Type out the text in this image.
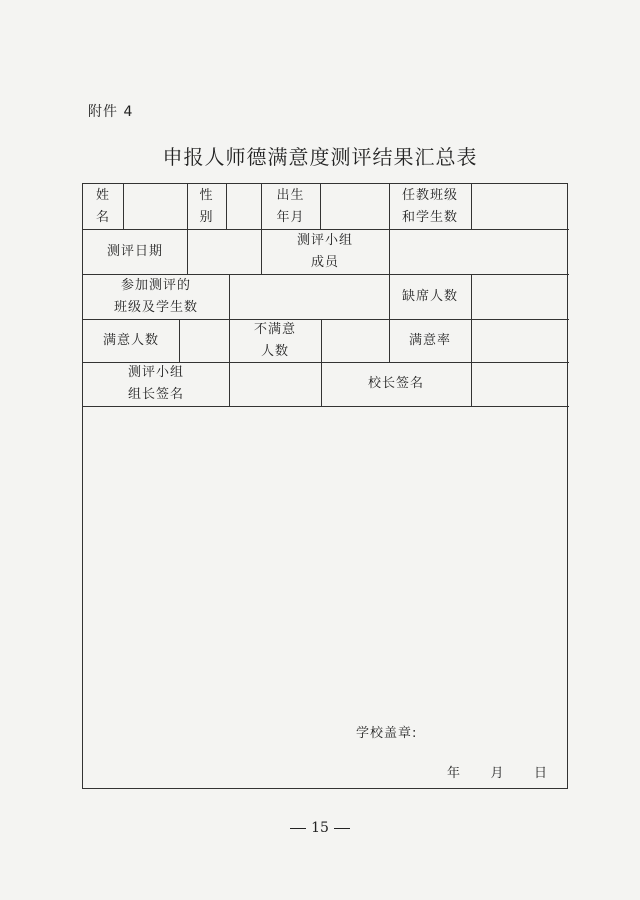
附件 4
申报人师德满意度测评结果汇总表
姓
名
性
别
出生
年月
任教班级
和学生数
测评日期
测评小组
成员
参加测评的
班级及学生数
缺席人数
满意人数
不满意
人数
满意率
测评小组
组长签名
校长签名
学校盖章:
年 月 日
15
